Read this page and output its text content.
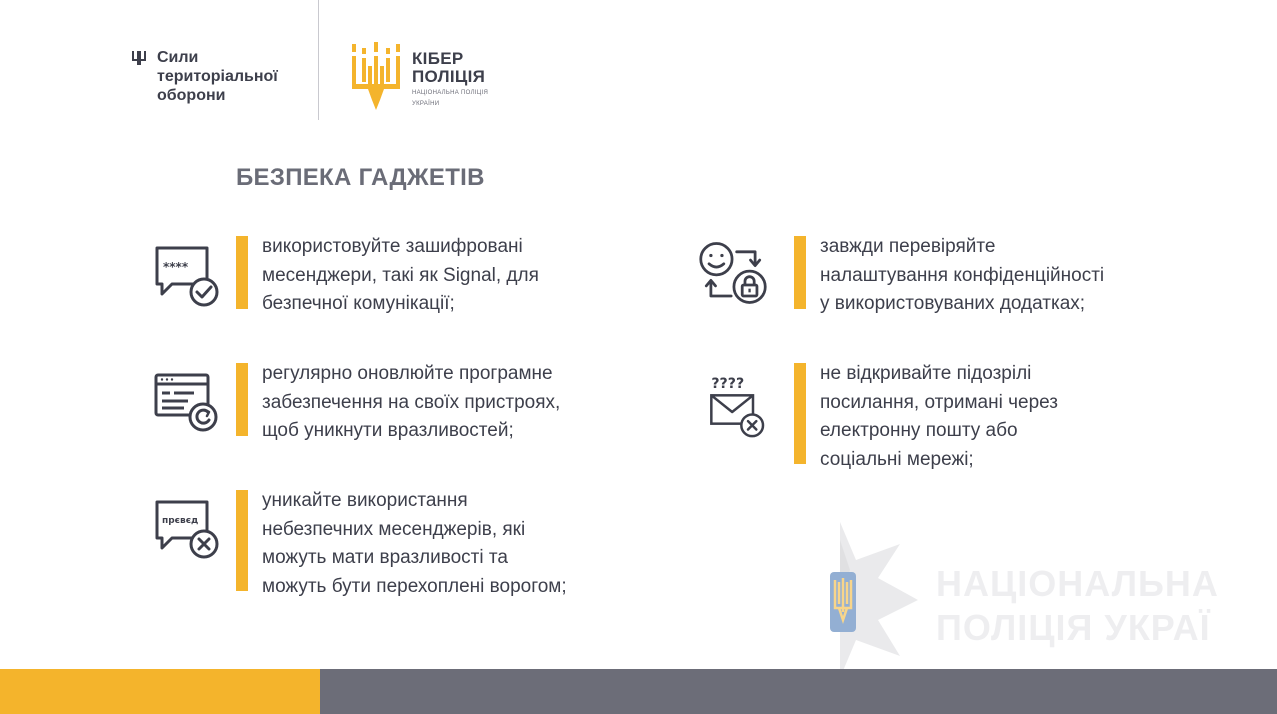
Сили
територіальної
оборони
КІБЕР
ПОЛІЦІЯ
НАЦІОНАЛЬНА ПОЛІЦІЯ
УКРАЇНИ
БЕЗПЕКА ГАДЖЕТІВ
****
використовуйте зашифровані
месенджери, такі як Signal, для
безпечної комунікації;
регулярно оновлюйте програмне
забезпечення на своїх пристроях,
щоб уникнути вразливостей;
прєвєд
уникайте використання
небезпечних месенджерів, які
можуть мати вразливості та
можуть бути перехоплені ворогом;
завжди перевіряйте
налаштування конфіденційності
у використовуваних додатках;
????	не відкривайте підозрілі
посилання, отримані через
електронну пошту або
соціальні мережі;
НАЦІОНАЛЬНА
ПОЛІЦІЯ УКРАЇ
